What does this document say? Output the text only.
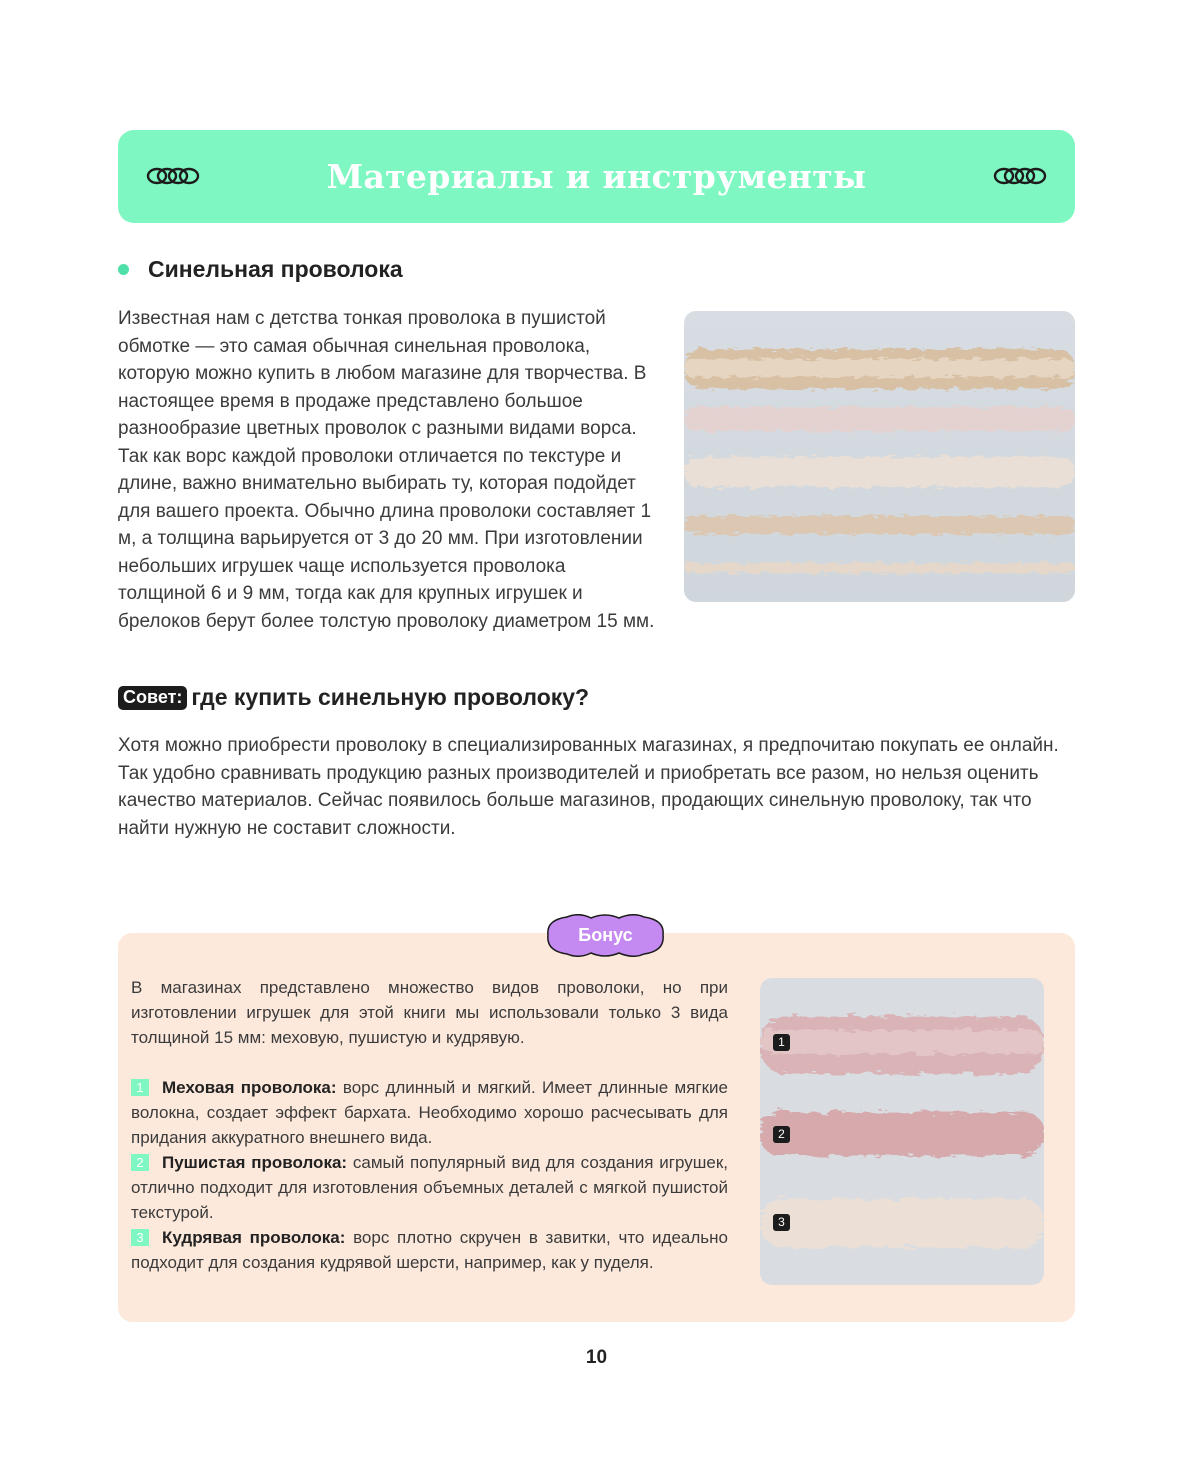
Материалы и инструменты
Синельная проволока

Известная нам с детства тонкая проволока в пушистой обмотке — это самая обычная синельная проволока, которую можно купить в любом магазине для творчества. В настоящее время в продаже представлено большое разнообразие цветных проволок с разными видами ворса. Так как ворс каждой проволоки отличается по текстуре и длине, важно внимательно выбирать ту, которая подойдет для вашего проекта. Обычно длина проволоки составляет 1 м, а толщина варьируется от 3 до 20 мм. При изготовлении небольших игрушек чаще используется проволока толщиной 6 и 9 мм, тогда как для крупных игрушек и брелоков берут более толстую проволоку диаметром 15 мм.

Совет: где купить синельную проволоку?

Хотя можно приобрести проволоку в специализированных магазинах, я предпочитаю покупать ее онлайн. Так удобно сравнивать продукцию разных производителей и приобретать все разом, но нельзя оценить качество материалов. Сейчас появилось больше магазинов, продающих синельную проволоку, так что найти нужную не составит сложности.

Бонус

В магазинах представлено множество видов проволоки, но при изготовлении игрушек для этой книги мы использовали только 3 вида толщиной 15 мм: меховую, пушистую и кудрявую.

1 Меховая проволока: ворс длинный и мягкий. Имеет длинные мягкие волокна, создает эффект бархата. Необходимо хорошо расчесывать для придания аккуратного внешнего вида.

2 Пушистая проволока: самый популярный вид для создания игрушек, отлично подходит для изготовления объемных деталей с мягкой пушистой текстурой.

3 Кудрявая проволока: ворс плотно скручен в завитки, что идеально подходит для создания кудрявой шерсти, например, как у пуделя.

1
2
3
10
